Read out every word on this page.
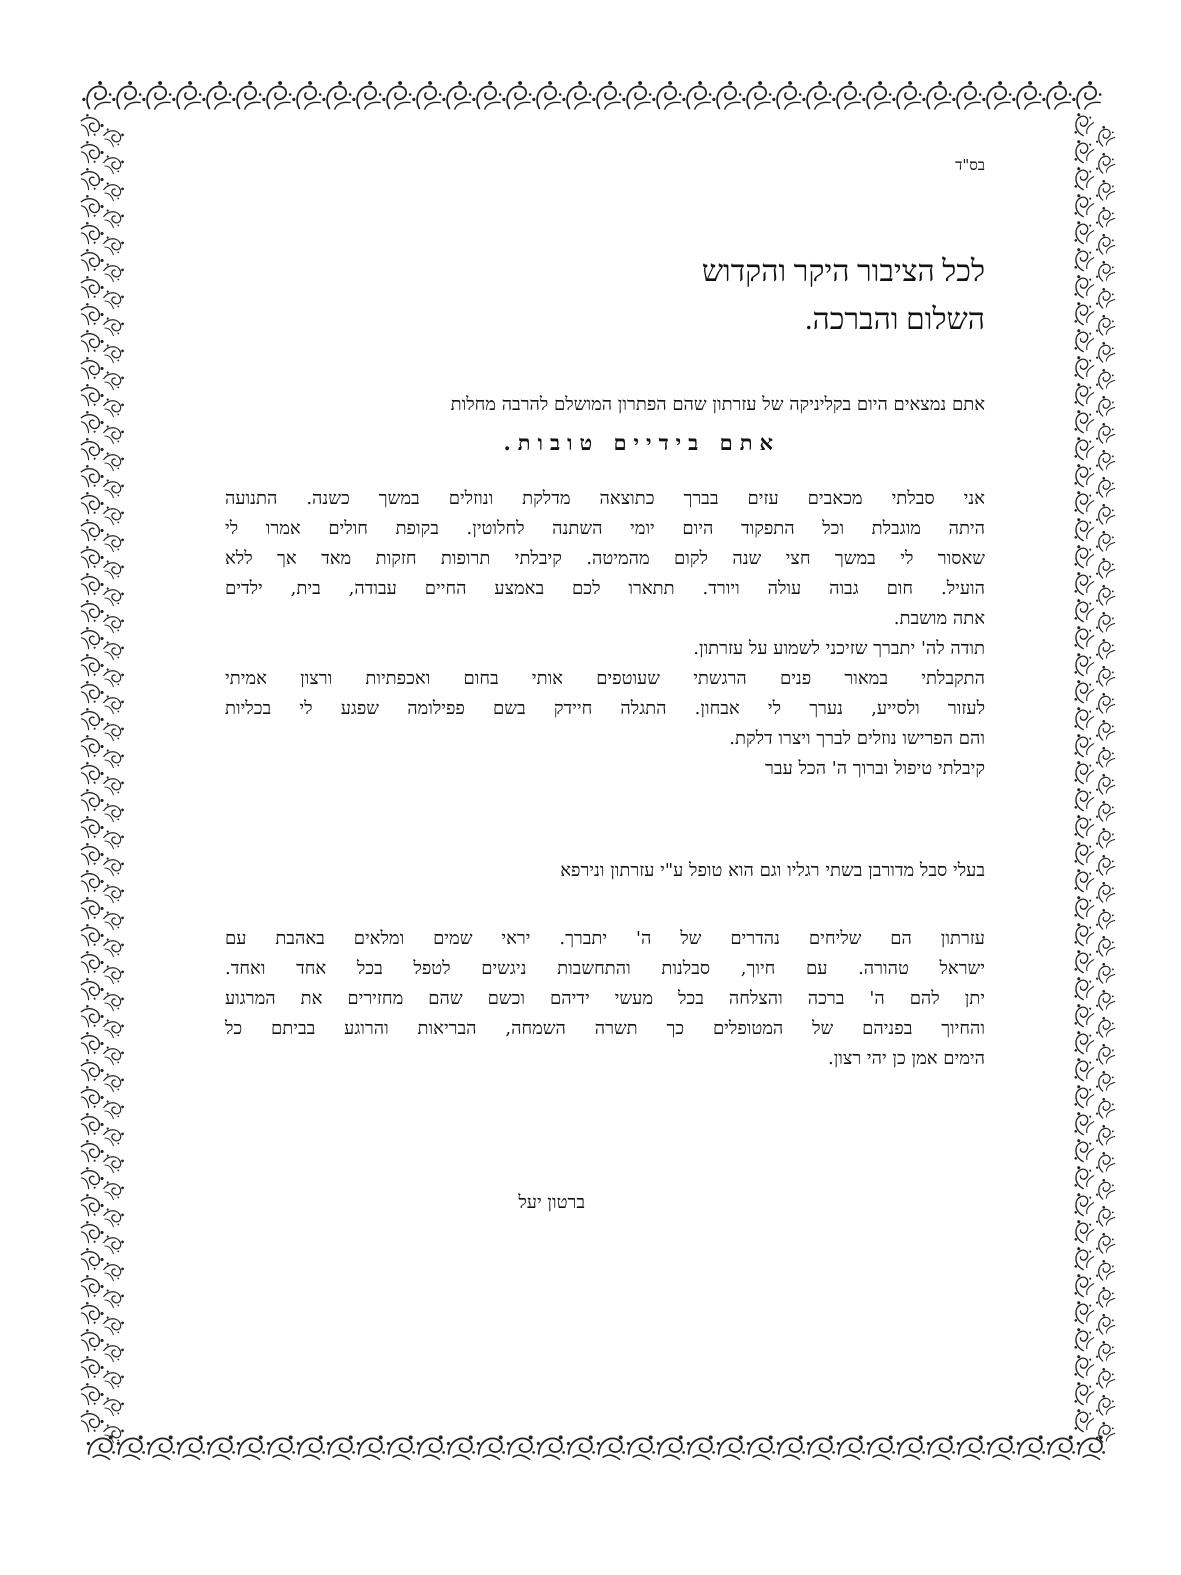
בס"ד
לכל הציבור היקר והקדוש
השלום והברכה.
אתם נמצאים היום בקליניקה של עזרתון שהם הפתרון המושלם להרבה מחלות
אתם בידיים טובות.
אני סבלתי מכאבים עזים בברך כתוצאה מדלקת ונוזלים במשך כשנה. התנועה
היתה מוגבלת וכל התפקוד היום יומי השתנה לחלוטין. בקופת חולים אמרו לי
שאסור לי במשך חצי שנה לקום מהמיטה. קיבלתי תרופות חזקות מאד אך ללא
הועיל. חום גבוה עולה ויורד. תתארו לכם באמצע החיים עבודה, בית, ילדים
אתה מושבת.
תודה לה' יתברך שזיכני לשמוע על עזרתון.
התקבלתי במאור פנים הרגשתי שעוטפים אותי בחום ואכפתיות ורצון אמיתי
לעזור ולסייע, נערך לי אבחון. התגלה חיידק בשם פפילומה שפגע לי בכליות
והם הפרישו נוזלים לברך ויצרו דלקת.
קיבלתי טיפול וברוך ה' הכל עבר
בעלי סבל מדורבן בשתי רגליו וגם הוא טופל ע"י עזרתון ונירפא
עזרתון הם שליחים נהדרים של ה' יתברך. יראי שמים ומלאים באהבת עם
ישראל טהורה. עם חיוך, סבלנות והתחשבות ניגשים לטפל בכל אחד ואחד.
יתן להם ה' ברכה והצלחה בכל מעשי ידיהם וכשם שהם מחזירים את המרגוע
והחיוך בפניהם של המטופלים כך תשרה השמחה, הבריאות והרוגע בביתם כל
הימים אמן כן יהי רצון.
ברטון יעל
